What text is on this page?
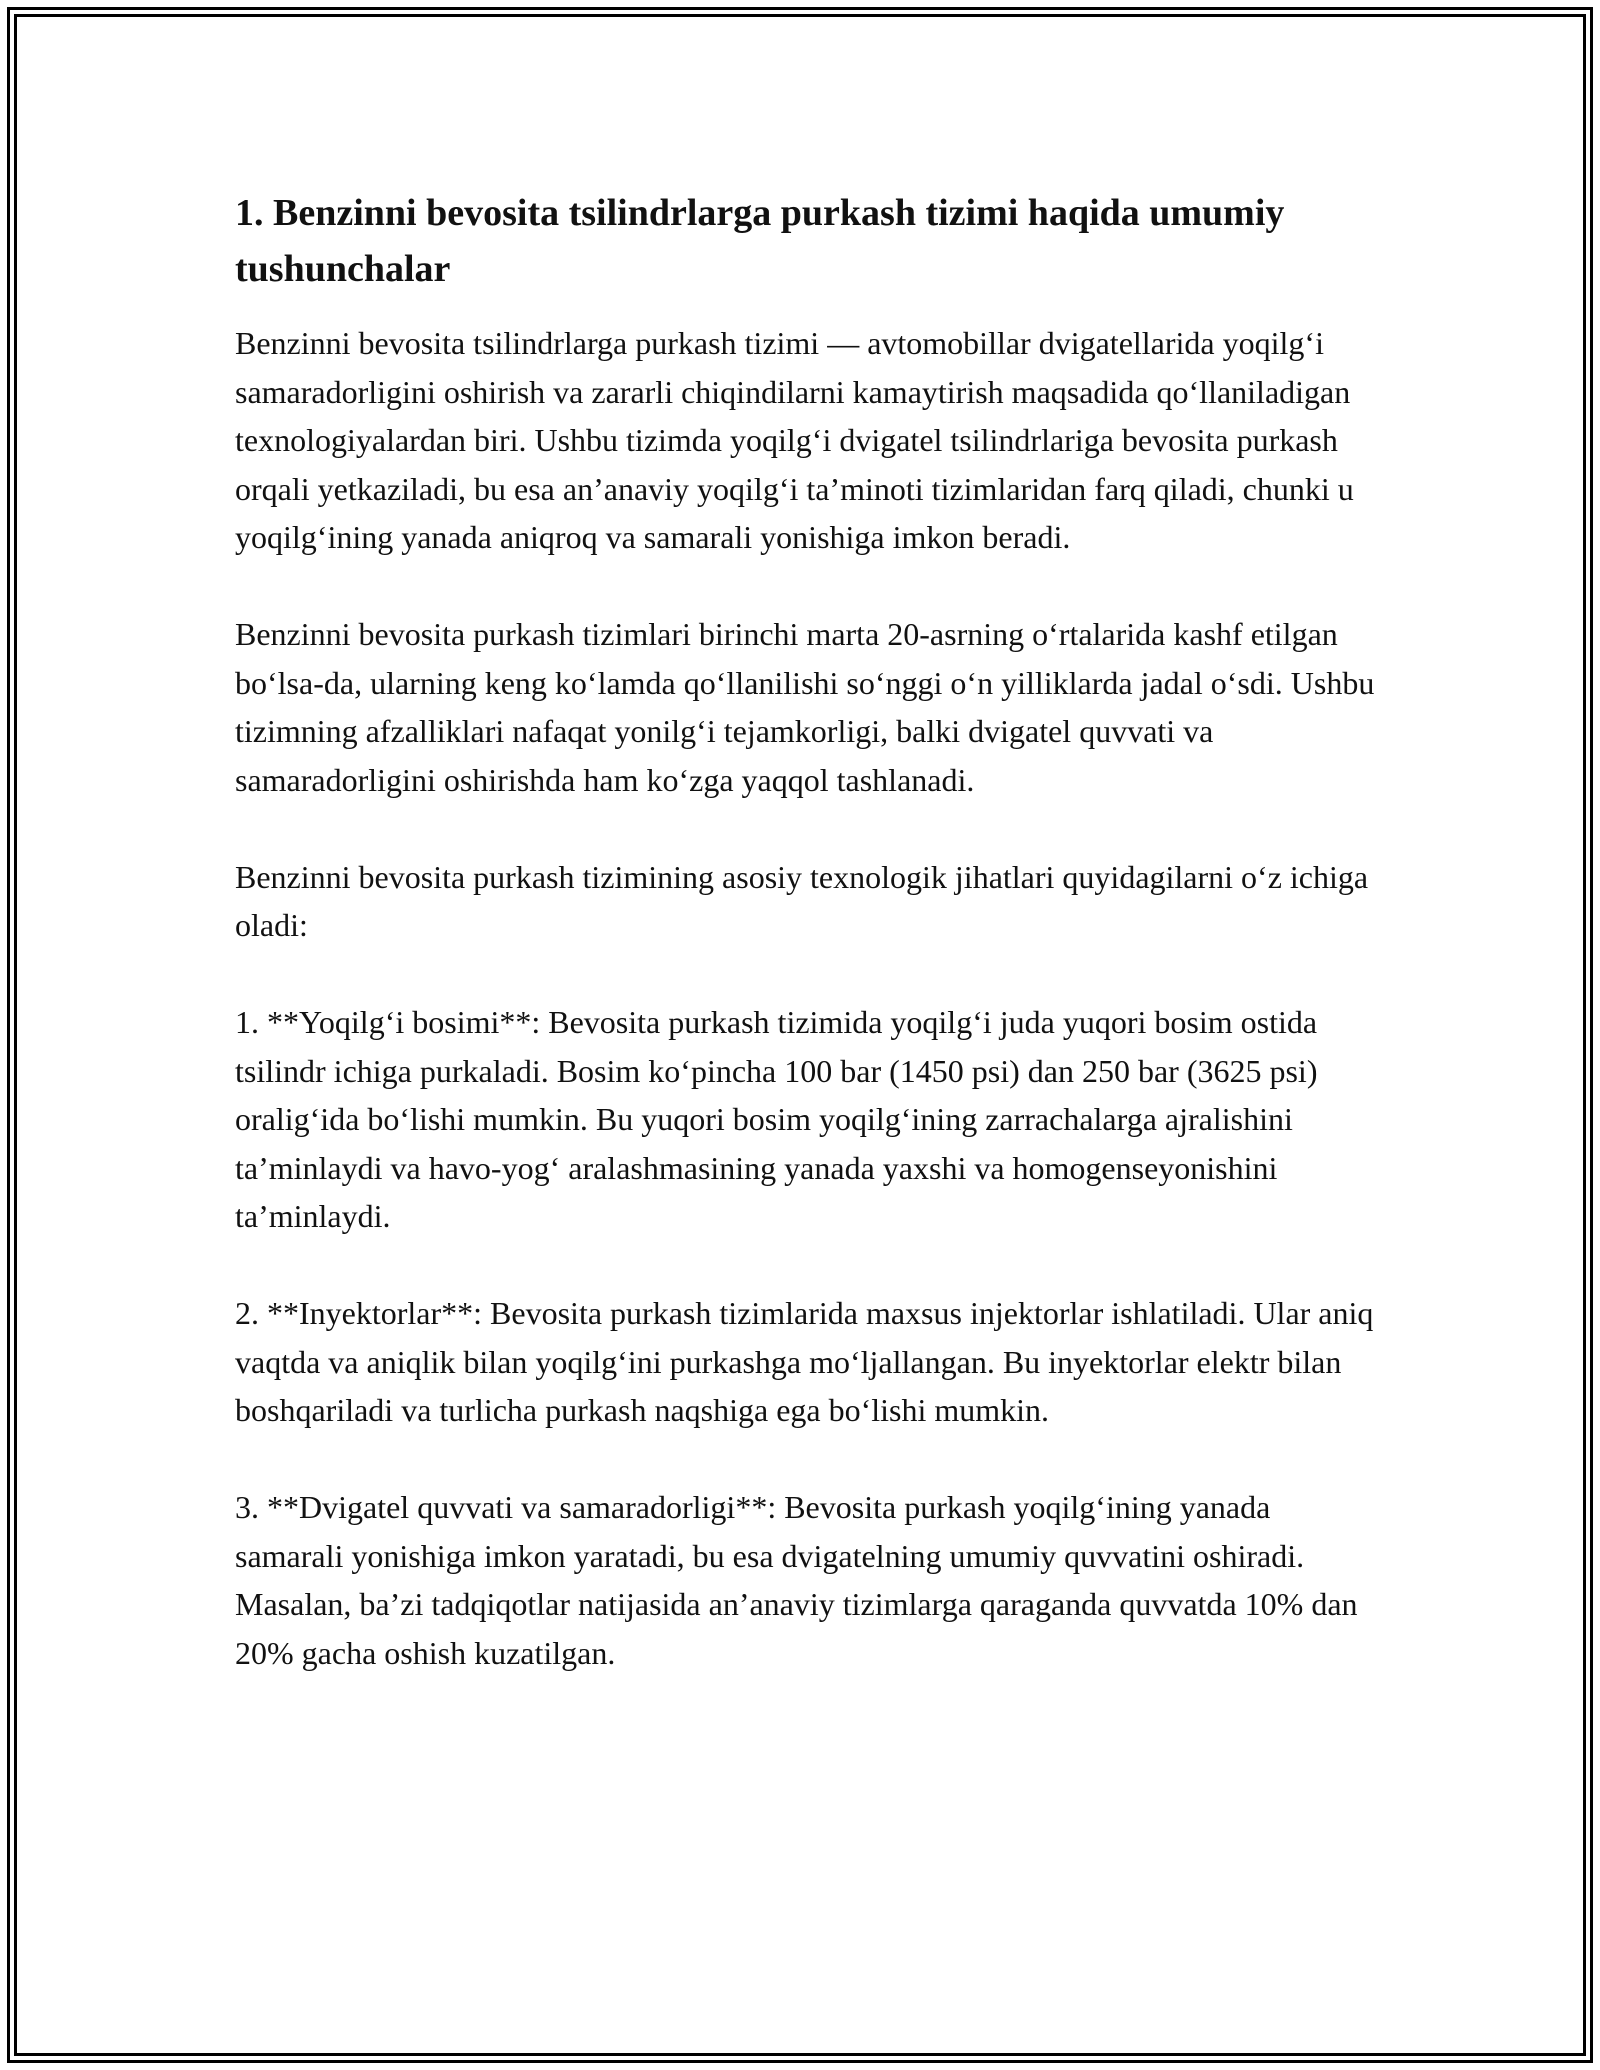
1. Benzinni bevosita tsilindrlarga purkash tizimi haqida umumiy tushunchalar

Benzinni bevosita tsilindrlarga purkash tizimi — avtomobillar dvigatellarida yoqilg‘i samaradorligini oshirish va zararli chiqindilarni kamaytirish maqsadida qo‘llaniladigan texnologiyalardan biri. Ushbu tizimda yoqilg‘i dvigatel tsilindrlariga bevosita purkash orqali yetkaziladi, bu esa an’anaviy yoqilg‘i ta’minoti tizimlaridan farq qiladi, chunki u yoqilg‘ining yanada aniqroq va samarali yonishiga imkon beradi.

Benzinni bevosita purkash tizimlari birinchi marta 20-asrning o‘rtalarida kashf etilgan bo‘lsa-da, ularning keng ko‘lamda qo‘llanilishi so‘nggi o‘n yilliklarda jadal o‘sdi. Ushbu tizimning afzalliklari nafaqat yonilg‘i tejamkorligi, balki dvigatel quvvati va samaradorligini oshirishda ham ko‘zga yaqqol tashlanadi.

Benzinni bevosita purkash tizimining asosiy texnologik jihatlari quyidagilarni o‘z ichiga oladi:

1. **Yoqilg‘i bosimi**: Bevosita purkash tizimida yoqilg‘i juda yuqori bosim ostida tsilindr ichiga purkaladi. Bosim ko‘pincha 100 bar (1450 psi) dan 250 bar (3625 psi) oralig‘ida bo‘lishi mumkin. Bu yuqori bosim yoqilg‘ining zarrachalarga ajralishini ta’minlaydi va havo-yog‘ aralashmasining yanada yaxshi va homogenseyonishini ta’minlaydi.

2. **Inyektorlar**: Bevosita purkash tizimlarida maxsus injektorlar ishlatiladi. Ular aniq vaqtda va aniqlik bilan yoqilg‘ini purkashga mo‘ljallangan. Bu inyektorlar elektr bilan boshqariladi va turlicha purkash naqshiga ega bo‘lishi mumkin.

3. **Dvigatel quvvati va samaradorligi**: Bevosita purkash yoqilg‘ining yanada samarali yonishiga imkon yaratadi, bu esa dvigatelning umumiy quvvatini oshiradi. Masalan, ba’zi tadqiqotlar natijasida an’anaviy tizimlarga qaraganda quvvatda 10% dan 20% gacha oshish kuzatilgan.
